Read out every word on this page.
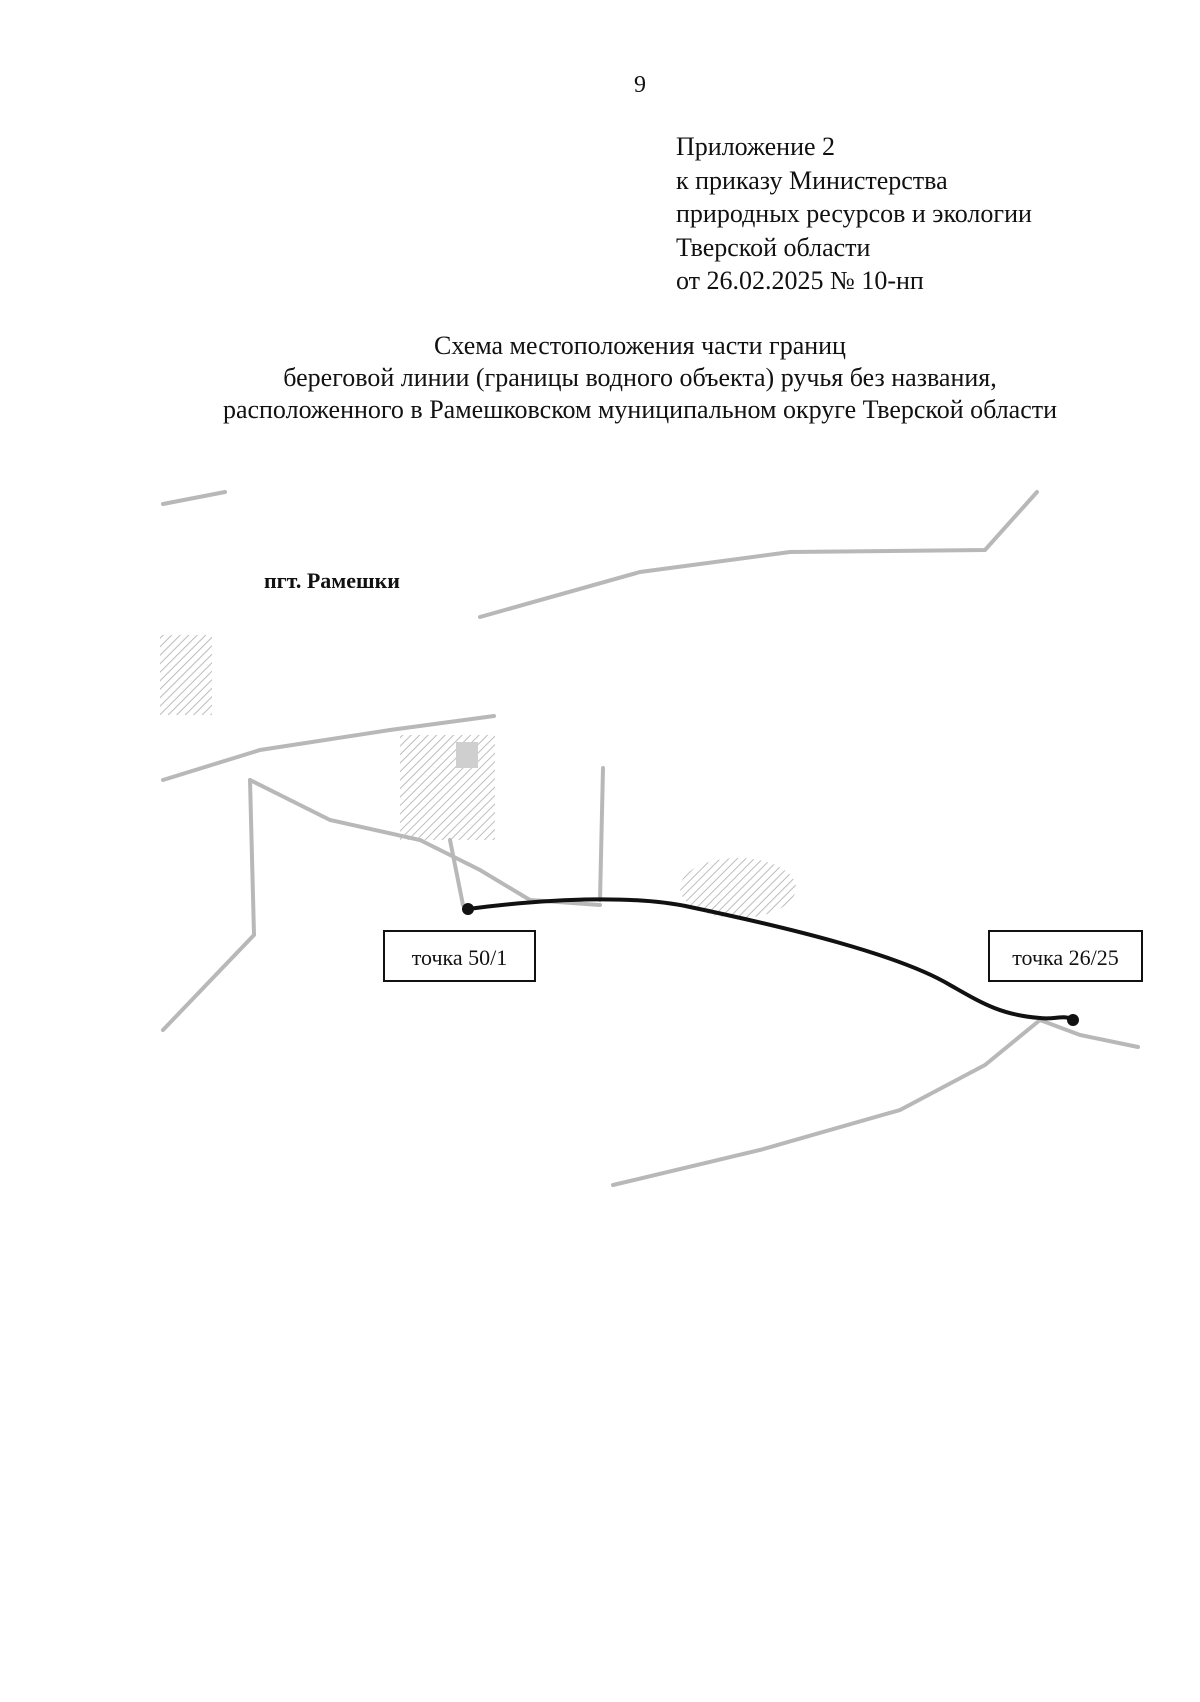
9
Приложение 2
к приказу Министерства
природных ресурсов и экологии
Тверской области
от 26.02.2025 № 10-нп
Схема местоположения части границ
береговой линии (границы водного объекта) ручья без названия,
расположенного в Рамешковском муниципальном округе Тверской области
пгт. Рамешки
точка 50/1	точка 26/25
